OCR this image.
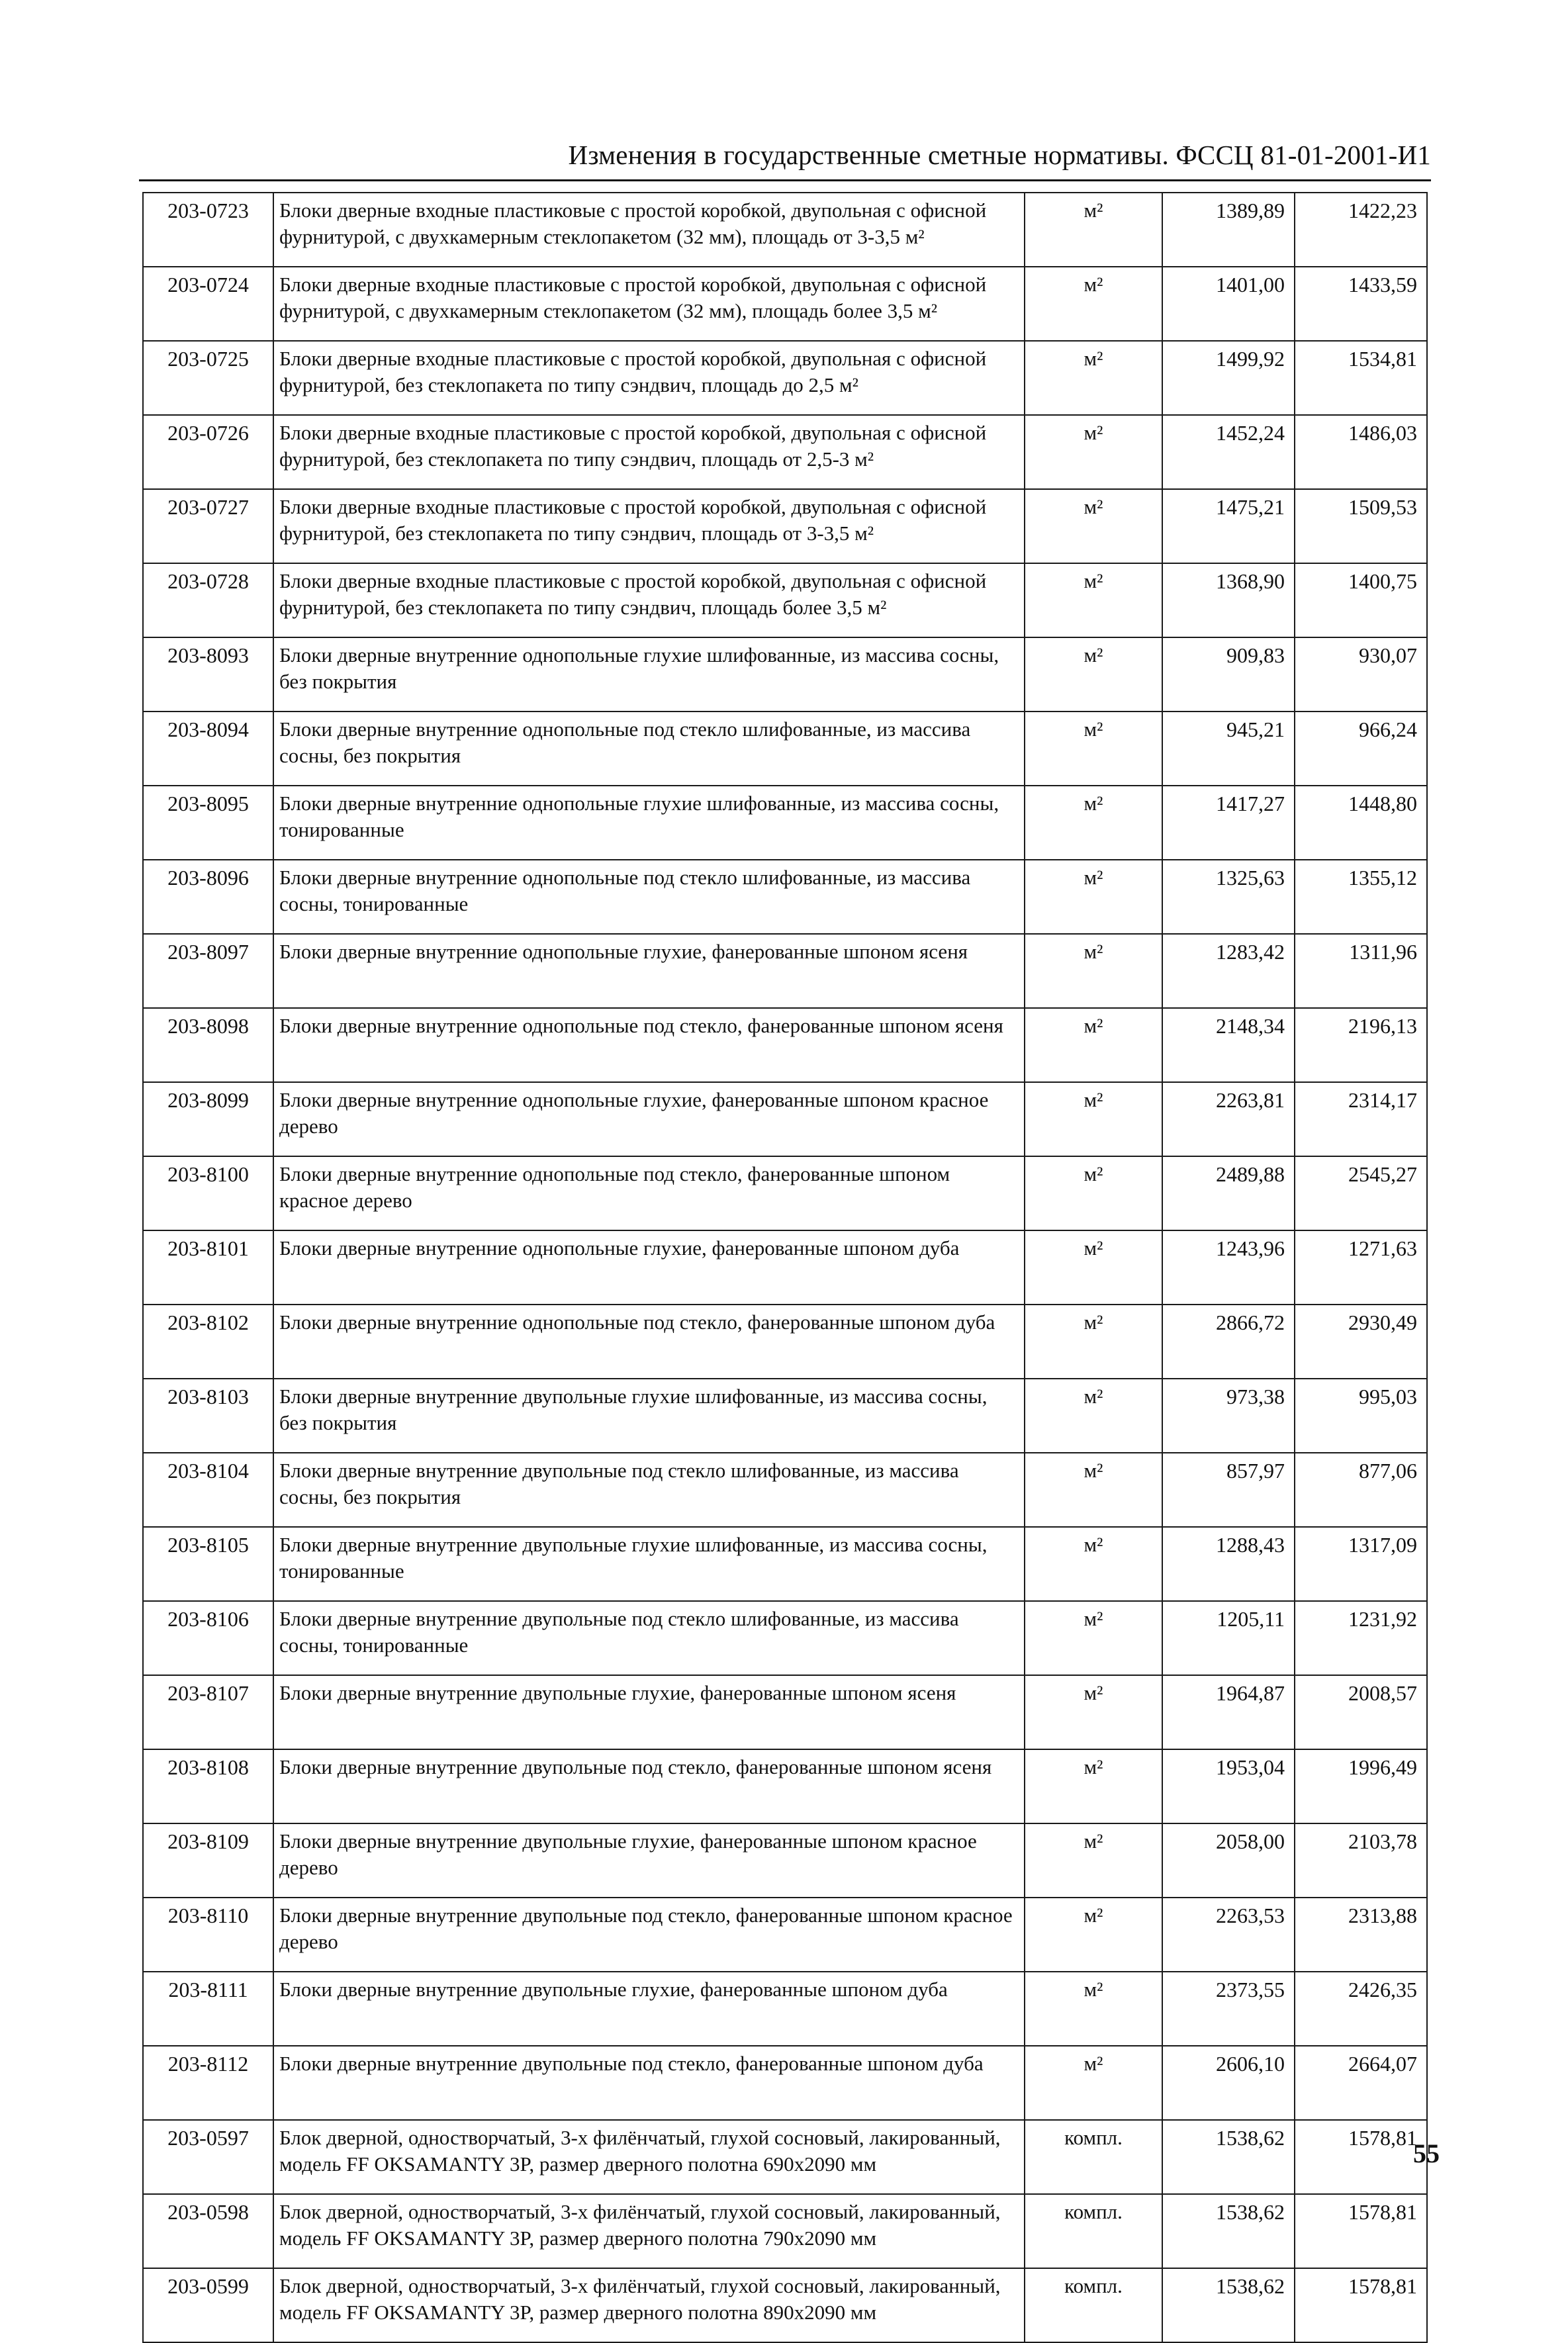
Изменения в государственные сметные нормативы. ФССЦ 81-01-2001-И1
203-0723	Блоки дверные входные пластиковые с простой коробкой, двупольная с офисной фурнитурой, с двухкамерным стеклопакетом (32 мм), площадь от 3-3,5 м²	м²	1389,89	1422,23
203-0724	Блоки дверные входные пластиковые с простой коробкой, двупольная с офисной фурнитурой, с двухкамерным стеклопакетом (32 мм), площадь более 3,5 м²	м²	1401,00	1433,59
203-0725	Блоки дверные входные пластиковые с простой коробкой, двупольная с офисной фурнитурой, без стеклопакета по типу сэндвич, площадь до 2,5 м²	м²	1499,92	1534,81
203-0726	Блоки дверные входные пластиковые с простой коробкой, двупольная с офисной фурнитурой, без стеклопакета по типу сэндвич, площадь от 2,5-3 м²	м²	1452,24	1486,03
203-0727	Блоки дверные входные пластиковые с простой коробкой, двупольная с офисной фурнитурой, без стеклопакета по типу сэндвич, площадь от 3-3,5 м²	м²	1475,21	1509,53
203-0728	Блоки дверные входные пластиковые с простой коробкой, двупольная с офисной фурнитурой, без стеклопакета по типу сэндвич, площадь более 3,5 м²	м²	1368,90	1400,75
203-8093	Блоки дверные внутренние однопольные глухие шлифованные, из массива сосны, без покрытия	м²	909,83	930,07
203-8094	Блоки дверные внутренние однопольные под стекло шлифованные, из массива сосны, без покрытия	м²	945,21	966,24
203-8095	Блоки дверные внутренние однопольные глухие шлифованные, из массива сосны, тонированные	м²	1417,27	1448,80
203-8096	Блоки дверные внутренние однопольные под стекло шлифованные, из массива сосны, тонированные	м²	1325,63	1355,12
203-8097	Блоки дверные внутренние однопольные глухие, фанерованные шпоном ясеня	м²	1283,42	1311,96
203-8098	Блоки дверные внутренние однопольные под стекло, фанерованные шпоном ясеня	м²	2148,34	2196,13
203-8099	Блоки дверные внутренние однопольные глухие, фанерованные шпоном красное дерево	м²	2263,81	2314,17
203-8100	Блоки дверные внутренние однопольные под стекло, фанерованные шпоном красное дерево	м²	2489,88	2545,27
203-8101	Блоки дверные внутренние однопольные глухие, фанерованные шпоном дуба	м²	1243,96	1271,63
203-8102	Блоки дверные внутренние однопольные под стекло, фанерованные шпоном дуба	м²	2866,72	2930,49
203-8103	Блоки дверные внутренние двупольные глухие шлифованные, из массива сосны, без покрытия	м²	973,38	995,03
203-8104	Блоки дверные внутренние двупольные под стекло шлифованные, из массива сосны, без покрытия	м²	857,97	877,06
203-8105	Блоки дверные внутренние двупольные глухие шлифованные, из массива сосны, тонированные	м²	1288,43	1317,09
203-8106	Блоки дверные внутренние двупольные под стекло шлифованные, из массива сосны, тонированные	м²	1205,11	1231,92
203-8107	Блоки дверные внутренние двупольные глухие, фанерованные шпоном ясеня	м²	1964,87	2008,57
203-8108	Блоки дверные внутренние двупольные под стекло, фанерованные шпоном ясеня	м²	1953,04	1996,49
203-8109	Блоки дверные внутренние двупольные глухие, фанерованные шпоном красное дерево	м²	2058,00	2103,78
203-8110	Блоки дверные внутренние двупольные под стекло, фанерованные шпоном красное дерево	м²	2263,53	2313,88
203-8111	Блоки дверные внутренние двупольные глухие, фанерованные шпоном дуба	м²	2373,55	2426,35
203-8112	Блоки дверные внутренние двупольные под стекло, фанерованные шпоном дуба	м²	2606,10	2664,07
203-0597	Блок дверной, одностворчатый, 3-х филёнчатый, глухой сосновый, лакированный, модель FF OKSAMANTY 3P, размер дверного полотна 690х2090 мм	компл.	1538,62	1578,81
203-0598	Блок дверной, одностворчатый, 3-х филёнчатый, глухой сосновый, лакированный, модель FF OKSAMANTY 3P, размер дверного полотна 790х2090 мм	компл.	1538,62	1578,81
203-0599	Блок дверной, одностворчатый, 3-х филёнчатый, глухой сосновый, лакированный, модель FF OKSAMANTY 3P, размер дверного полотна 890х2090 мм	компл.	1538,62	1578,81
55
